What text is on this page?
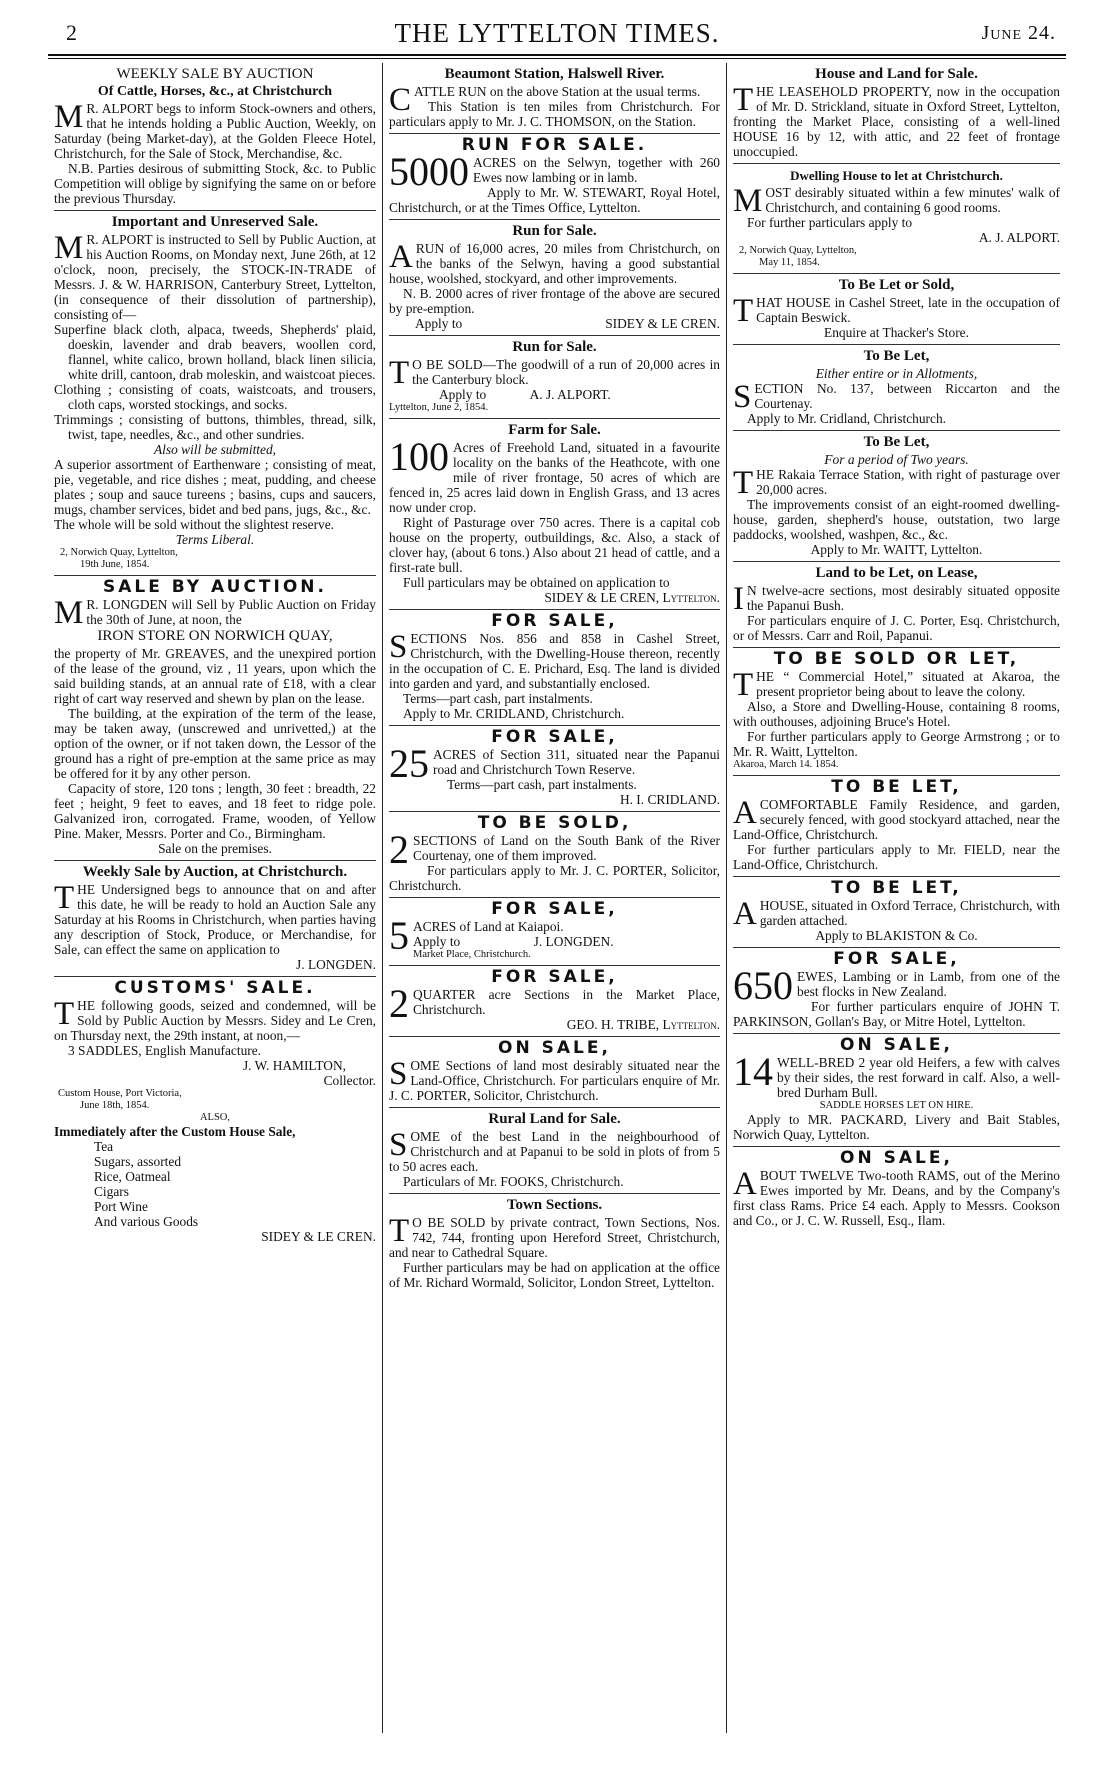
2	THE LYTTELTON TIMES.	June 24.
WEEKLY SALE BY AUCTION
Of Cattle, Horses, &c., at Christchurch

M R. ALPORT begs to inform Stock-owners and others, that he intends holding a Public Auction, Weekly, on Saturday (being Market-day), at the Golden Fleece Hotel, Christchurch, for the Sale of Stock, Merchandise, &c.

N.B. Parties desirous of submitting Stock, &c. to Public Competition will oblige by signifying the same on or before the previous Thursday.

Important and Unreserved Sale.

M R. ALPORT is instructed to Sell by Public Auction, at his Auction Rooms, on Monday next, June 26th, at 12 o'clock, noon, precisely, the STOCK-IN-TRADE of Messrs. J. & W. HARRISON, Canterbury Street, Lyttelton, (in consequence of their dissolution of partnership), consisting of—

Superfine black cloth, alpaca, tweeds, Shepherds' plaid, doeskin, lavender and drab beavers, woollen cord, flannel, white calico, brown holland, black linen silicia, white drill, cantoon, drab moleskin, and waistcoat pieces.

Clothing ; consisting of coats, waistcoats, and trousers, cloth caps, worsted stockings, and socks.

Trimmings ; consisting of buttons, thimbles, thread, silk, twist, tape, needles, &c., and other sundries.

Also will be submitted,

A superior assortment of Earthenware ; consisting of meat, pie, vegetable, and rice dishes ; meat, pudding, and cheese plates ; soup and sauce tureens ; basins, cups and saucers, mugs, chamber services, bidet and bed pans, jugs, &c., &c.

The whole will be sold without the slightest reserve.

Terms Liberal.
2, Norwich Quay, Lyttelton,
19th June, 1854.
SALE BY AUCTION.

M R. LONGDEN will Sell by Public Auction on Friday the 30th of June, at noon, the

IRON STORE ON NORWICH QUAY,

the property of Mr. GREAVES, and the unexpired portion of the lease of the ground, viz , 11 years, upon which the said building stands, at an annual rate of £18, with a clear right of cart way reserved and shewn by plan on the lease.

The building, at the expiration of the term of the lease, may be taken away, (unscrewed and unrivetted,) at the option of the owner, or if not taken down, the Lessor of the ground has a right of pre-emption at the same price as may be offered for it by any other person.

Capacity of store, 120 tons ; length, 30 feet : breadth, 22 feet ; height, 9 feet to eaves, and 18 feet to ridge pole. Galvanized iron, corrogated. Frame, wooden, of Yellow Pine. Maker, Messrs. Porter and Co., Birmingham.

Sale on the premises.
Weekly Sale by Auction, at Christchurch.

THE Undersigned begs to announce that on and after this date, he will be ready to hold an Auction Sale any Saturday at his Rooms in Christchurch, when parties having any description of Stock, Produce, or Merchandise, for Sale, can effect the same on application to

J. LONGDEN.
CUSTOMS' SALE.

THE following goods, seized and condemned, will be Sold by Public Auction by Messrs. Sidey and Le Cren, on Thursday next, the 29th instant, at noon,—

3 SADDLES, English Manufacture.
J. W. HAMILTON,
Collector.
Custom House, Port Victoria,
June 18th, 1854.
ALSO,
Immediately after the Custom House Sale,
Tea
Sugars, assorted
Rice, Oatmeal
Cigars
Port Wine
And various Goods
SIDEY & LE CREN.
Beaumont Station, Halswell River.

CATTLE RUN on the above Station at the usual terms.

This Station is ten miles from Christchurch. For particulars apply to Mr. J. C. THOMSON, on the Station.

RUN FOR SALE.

5000 ACRES on the Selwyn, together with 260 Ewes now lambing or in lamb.

Apply to Mr. W. STEWART, Royal Hotel, Christchurch, or at the Times Office, Lyttelton.

Run for Sale.

ARUN of 16,000 acres, 20 miles from Christchurch, on the banks of the Selwyn, having a good substantial house, woolshed, stockyard, and other improvements.

N. B. 2000 acres of river frontage of the above are secured by pre-emption.

Apply to	SIDEY & LE CREN.
Run for Sale.

T O BE SOLD—The goodwill of a run of 20,000 acres in the Canterbury block.

Apply to	A. J. ALPORT.
Lyttelton, June 2, 1854.
Farm for Sale.

100 Acres of Freehold Land, situated in a favourite locality on the banks of the Heathcote, with one mile of river frontage, 50 acres of which are fenced in, 25 acres laid down in English Grass, and 13 acres now under crop.

Right of Pasturage over 750 acres. There is a capital cob house on the property, outbuildings, &c. Also, a stack of clover hay, (about 6 tons.) Also about 21 head of cattle, and a first-rate bull.

Full particulars may be obtained on application to

SIDEY & LE CREN, Lyttelton.
FOR SALE,

SECTIONS Nos. 856 and 858 in Cashel Street, Christchurch, with the Dwelling-House thereon, recently in the occupation of C. E. Prichard, Esq. The land is divided into garden and yard, and substantially enclosed.

Terms—part cash, part instalments.

Apply to Mr. CRIDLAND, Christchurch.

FOR SALE,

25 ACRES of Section 311, situated near the Papanui road and Christchurch Town Reserve.

Terms—part cash, part instalments.

H. I. CRIDLAND.
TO BE SOLD,

2 SECTIONS of Land on the South Bank of the River Courtenay, one of them improved.

For particulars apply to Mr. J. C. PORTER, Solicitor, Christchurch.

FOR SALE,

5 ACRES of Land at Kaiapoi.

Apply to	J. LONGDEN.
Market Place, Christchurch.
FOR SALE,

2 QUARTER acre Sections in the Market Place, Christchurch.

GEO. H. TRIBE, Lyttelton.
ON SALE,

SOME Sections of land most desirably situated near the Land-Office, Christchurch. For particulars enquire of Mr. J. C. PORTER, Solicitor, Christchurch.

Rural Land for Sale.

SOME of the best Land in the neighbourhood of Christchurch and at Papanui to be sold in plots of from 5 to 50 acres each.

Particulars of Mr. FOOKS, Christchurch.

Town Sections.

T O BE SOLD by private contract, Town Sections, Nos. 742, 744, fronting upon Hereford Street, Christchurch, and near to Cathedral Square.

Further particulars may be had on application at the office of Mr. Richard Wormald, Solicitor, London Street, Lyttelton.

House and Land for Sale.

THE LEASEHOLD PROPERTY, now in the occupation of Mr. D. Strickland, situate in Oxford Street, Lyttelton, fronting the Market Place, consisting of a well-lined HOUSE 16 by 12, with attic, and 22 feet of frontage unoccupied.

Dwelling House to let at Christchurch.

MOST desirably situated within a few minutes' walk of Christchurch, and containing 6 good rooms.

For further particulars apply to

A. J. ALPORT.
2, Norwich Quay, Lyttelton,
May 11, 1854.
To Be Let or Sold,

THAT HOUSE in Cashel Street, late in the occupation of Captain Beswick.

Enquire at Thacker's Store.
To Be Let,
Either entire or in Allotments,

SECTION No. 137, between Riccarton and the Courtenay.

Apply to Mr. Cridland, Christchurch.

To Be Let,
For a period of Two years.

THE Rakaia Terrace Station, with right of pasturage over 20,000 acres.

The improvements consist of an eight-roomed dwelling-house, garden, shepherd's house, outstation, two large paddocks, woolshed, washpen, &c., &c.

Apply to Mr. WAITT, Lyttelton.
Land to be Let, on Lease,

I N twelve-acre sections, most desirably situated opposite the Papanui Bush.

For particulars enquire of J. C. Porter, Esq. Christchurch, or of Messrs. Carr and Roil, Papanui.

TO BE SOLD OR LET,

THE “ Commercial Hotel,” situated at Akaroa, the present proprietor being about to leave the colony.

Also, a Store and Dwelling-House, containing 8 rooms, with outhouses, adjoining Bruce's Hotel.

For further particulars apply to George Armstrong ; or to Mr. R. Waitt, Lyttelton.

Akaroa, March 14. 1854.
TO BE LET,

ACOMFORTABLE Family Residence, and garden, securely fenced, with good stockyard attached, near the Land-Office, Christchurch.

For further particulars apply to Mr. FIELD, near the Land-Office, Christchurch.

TO BE LET,

AHOUSE, situated in Oxford Terrace, Christchurch, with garden attached.

Apply to BLAKISTON & Co.
FOR SALE,

650 EWES, Lambing or in Lamb, from one of the best flocks in New Zealand.

For further particulars enquire of JOHN T. PARKINSON, Gollan's Bay, or Mitre Hotel, Lyttelton.

ON SALE,

14 WELL-BRED 2 year old Heifers, a few with calves by their sides, the rest forward in calf. Also, a well-bred Durham Bull.

SADDLE HORSES LET ON HIRE.

Apply to MR. PACKARD, Livery and Bait Stables, Norwich Quay, Lyttelton.

ON SALE,

ABOUT TWELVE Two-tooth RAMS, out of the Merino Ewes imported by Mr. Deans, and by the Company's first class Rams. Price £4 each. Apply to Messrs. Cookson and Co., or J. C. W. Russell, Esq., Ilam.
